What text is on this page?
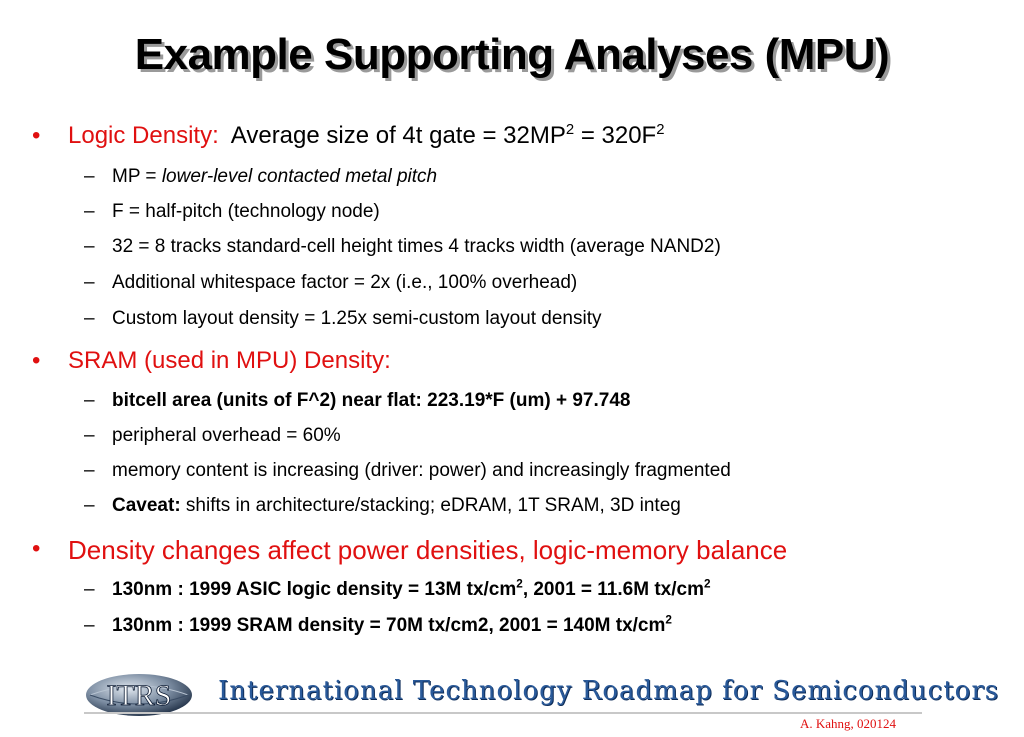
Example Supporting Analyses (MPU)
• Logic Density: Average size of 4t gate = $32MP^2 = 320F^2$
– MP = lower-level contacted metal pitch
– F = half-pitch (technology node)
– 32 = 8 tracks standard-cell height times 4 tracks width (average NAND2)
– Additional whitespace factor = 2x (i.e., 100% overhead)
– Custom layout density = 1.25x semi-custom layout density
• SRAM (used in MPU) Density:
– bitcell area (units of F^2) near flat: 223.19*F (um) + 97.748
– peripheral overhead = 60%
– memory content is increasing (driver: power) and increasingly fragmented
– Caveat: shifts in architecture/stacking; eDRAM, 1T SRAM, 3D integ
• Density changes affect power densities, logic-memory balance
– 130nm : 1999 ASIC logic density = 13M $tx/cm^2$, 2001 = 11.6M $tx/cm^2$
– 130nm : 1999 SRAM density = 70M tx/cm2, 2001 = 140M $tx/cm^2$
ITRS International Technology Roadmap for Semiconductors
A. Kahng, 020124
